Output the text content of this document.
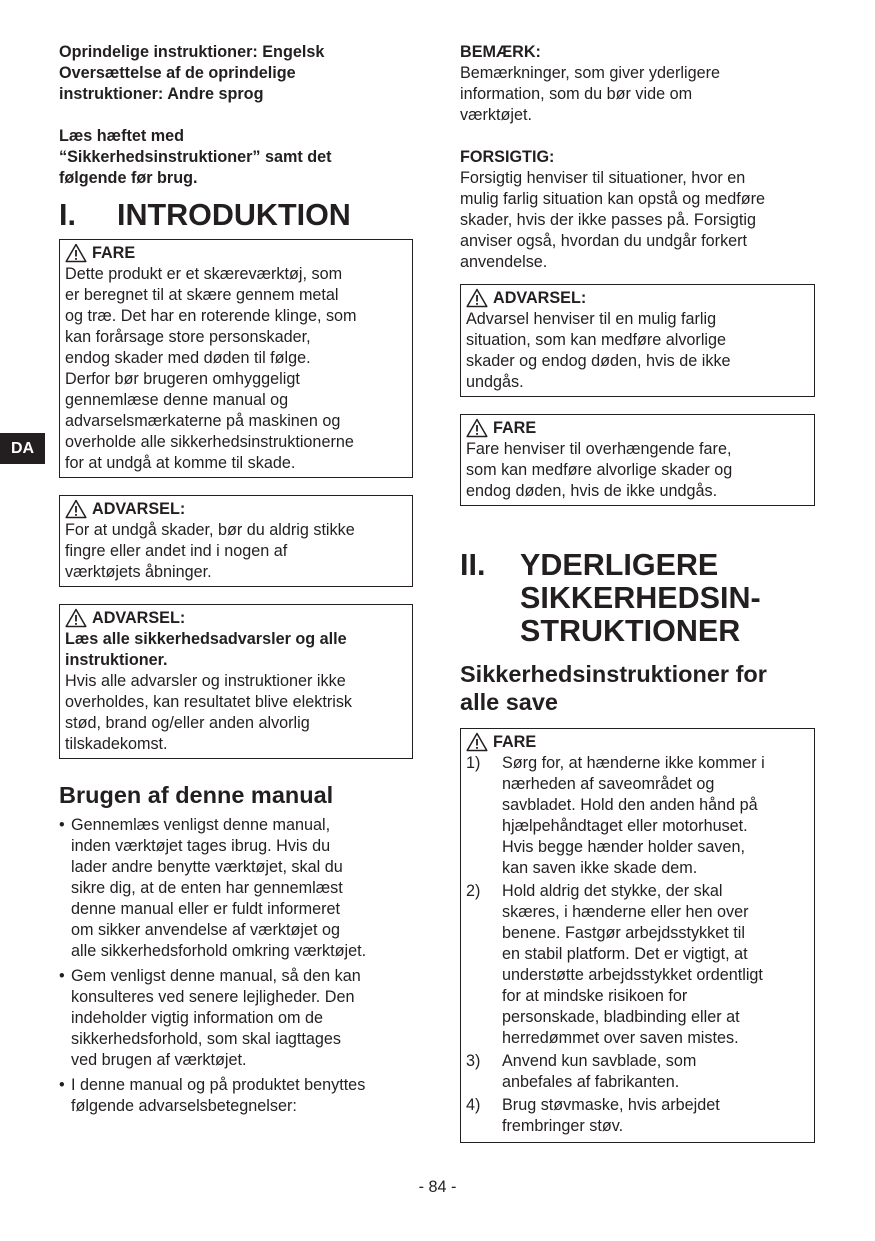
DA
Oprindelige instruktioner: Engelsk
Oversættelse af de oprindelige
instruktioner: Andre sprog
Læs hæftet med
“Sikkerhedsinstruktioner” samt det
følgende før brug.
I.	INTRODUKTION
FARE
Dette produkt er et skæreværktøj, som
er beregnet til at skære gennem metal
og træ. Det har en roterende klinge, som
kan forårsage store personskader,
endog skader med døden til følge.
Derfor bør brugeren omhyggeligt
gennemlæse denne manual og
advarselsmærkaterne på maskinen og
overholde alle sikkerhedsinstruktionerne
for at undgå at komme til skade.
ADVARSEL:
For at undgå skader, bør du aldrig stikke
fingre eller andet ind i nogen af
værktøjets åbninger.
ADVARSEL:
Læs alle sikkerhedsadvarsler og alle
instruktioner.
Hvis alle advarsler og instruktioner ikke
overholdes, kan resultatet blive elektrisk
stød, brand og/eller anden alvorlig
tilskadekomst.
Brugen af denne manual
• Gennemlæs venligst denne manual,
inden værktøjet tages ibrug. Hvis du
lader andre benytte værktøjet, skal du
sikre dig, at de enten har gennemlæst
denne manual eller er fuldt informeret
om sikker anvendelse af værktøjet og
alle sikkerhedsforhold omkring værktøjet.
• Gem venligst denne manual, så den kan
konsulteres ved senere lejligheder. Den
indeholder vigtig information om de
sikkerhedsforhold, som skal iagttages
ved brugen af værktøjet.
• I denne manual og på produktet benyttes
følgende advarselsbetegnelser:
BEMÆRK:
Bemærkninger, som giver yderligere
information, som du bør vide om
værktøjet.
FORSIGTIG:
Forsigtig henviser til situationer, hvor en
mulig farlig situation kan opstå og medføre
skader, hvis der ikke passes på. Forsigtig
anviser også, hvordan du undgår forkert
anvendelse.
ADVARSEL:
Advarsel henviser til en mulig farlig
situation, som kan medføre alvorlige
skader og endog døden, hvis de ikke
undgås.
FARE
Fare henviser til overhængende fare,
som kan medføre alvorlige skader og
endog døden, hvis de ikke undgås.
II.	YDERLIGERE
SIKKERHEDSIN-
STRUKTIONER
Sikkerhedsinstruktioner for
alle save
FARE
1)	Sørg for, at hænderne ikke kommer i
nærheden af saveområdet og
savbladet. Hold den anden hånd på
hjælpehåndtaget eller motorhuset.
Hvis begge hænder holder saven,
kan saven ikke skade dem.
2)	Hold aldrig det stykke, der skal
skæres, i hænderne eller hen over
benene. Fastgør arbejdsstykket til
en stabil platform. Det er vigtigt, at
understøtte arbejdsstykket ordentligt
for at mindske risikoen for
personskade, bladbinding eller at
herredømmet over saven mistes.
3)	Anvend kun savblade, som
anbefales af fabrikanten.
4)	Brug støvmaske, hvis arbejdet
frembringer støv.
- 84 -
